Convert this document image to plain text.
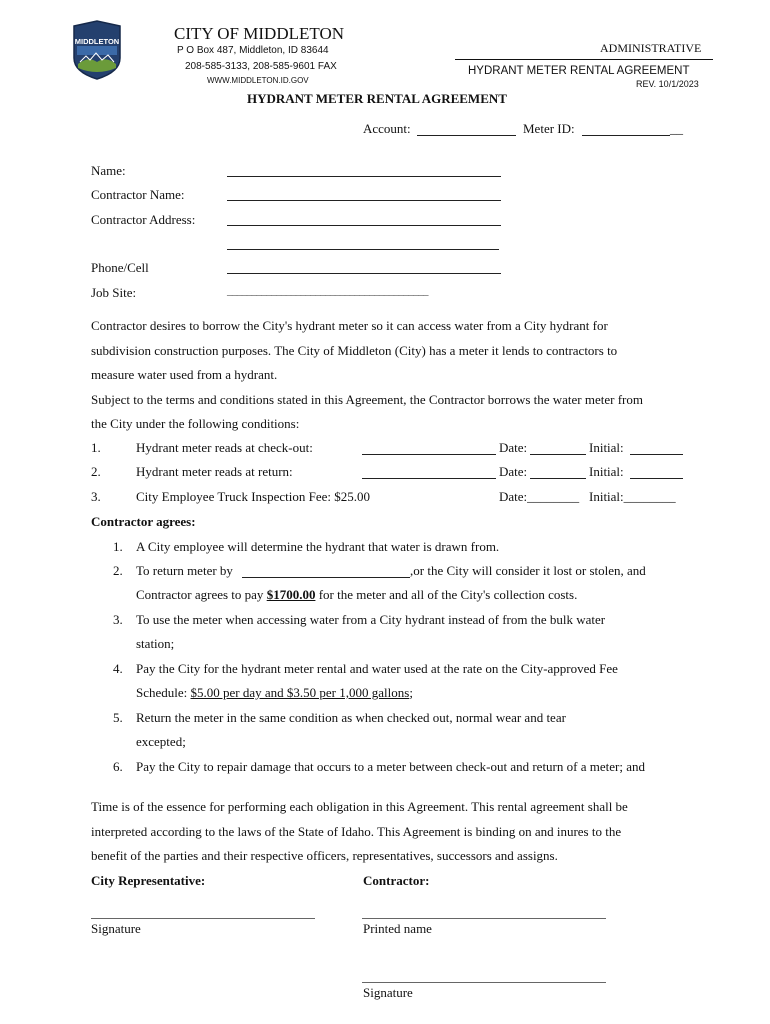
MIDDLETON	CITY OF MIDDLETON
P O Box 487, Middleton, ID 83644
208-585-3133, 208-585-9601 FAX
WWW.MIDDLETON.ID.GOV
ADMINISTRATIVE
HYDRANT METER RENTAL AGREEMENT
REV. 10/1/2023
HYDRANT METER RENTAL AGREEMENT
Account:	Meter ID:	__
Name:
Contractor Name:
Contractor Address:
Phone/Cell
Job Site:	_________________________________________
Contractor desires to borrow the City's hydrant meter so it can access water from a City hydrant for
subdivision construction purposes. The City of Middleton (City) has a meter it lends to contractors to
measure water used from a hydrant.
Subject to the terms and conditions stated in this Agreement, the Contractor borrows the water meter from
the City under the following conditions:
1.	Hydrant meter reads at check-out:	Date:	Initial:
2.	Hydrant meter reads at return:	Date:	Initial:
3.	City Employee Truck Inspection Fee: $25.00	Date:________ Initial:________
Contractor agrees:
1. A City employee will determine the hydrant that water is drawn from.
2. To return meter by	,or the City will consider it lost or stolen, and
Contractor agrees to pay $1700.00 for the meter and all of the City's collection costs.
3. To use the meter when accessing water from a City hydrant instead of from the bulk water
station;
4. Pay the City for the hydrant meter rental and water used at the rate on the City-approved Fee
Schedule: $5.00 per day and $3.50 per 1,000 gallons;
5. Return the meter in the same condition as when checked out, normal wear and tear
excepted;
6. Pay the City to repair damage that occurs to a meter between check-out and return of a meter; and
Time is of the essence for performing each obligation in this Agreement. This rental agreement shall be
interpreted according to the laws of the State of Idaho. This Agreement is binding on and inures to the
benefit of the parties and their respective officers, representatives, successors and assigns.
City Representative:	Contractor:
Signature	Printed name
Signature
